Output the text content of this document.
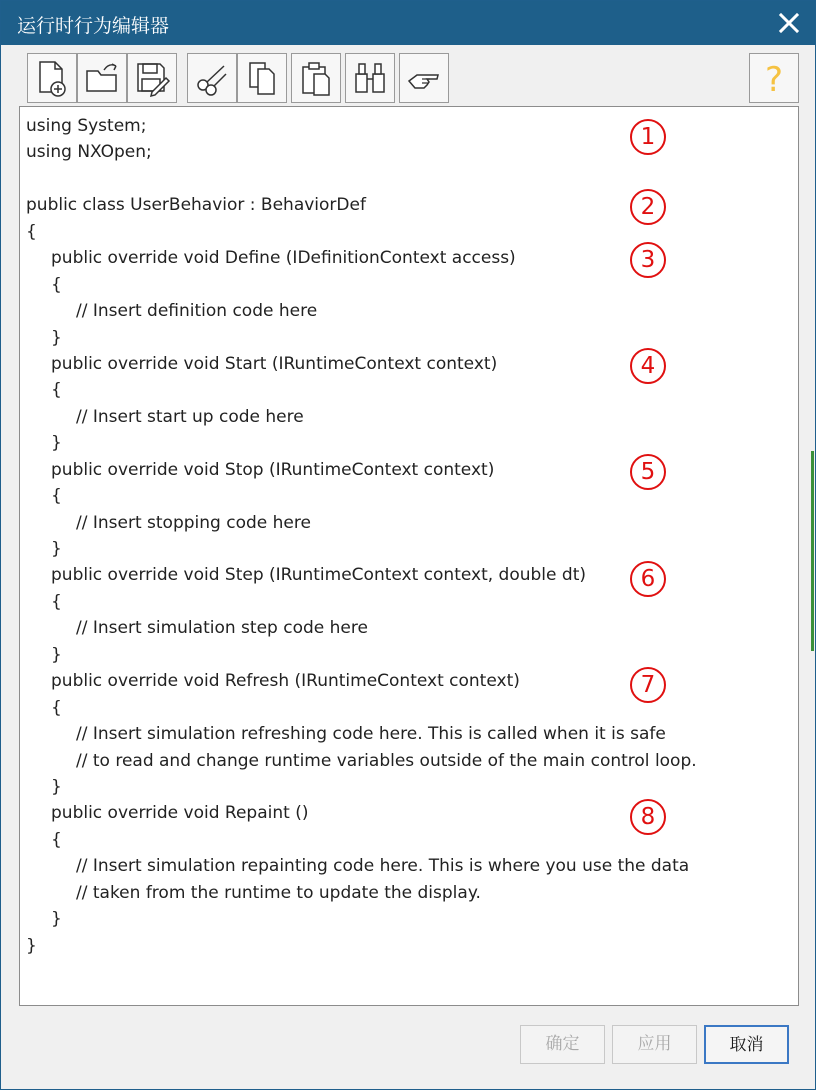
运行时行为编辑器
?
using System;
using NXOpen;
public class UserBehavior : BehaviorDef
{
public override void Define (IDefinitionContext access)
{
// Insert definition code here
}
public override void Start (IRuntimeContext context)
{
// Insert start up code here
}
public override void Stop (IRuntimeContext context)
{
// Insert stopping code here
}
public override void Step (IRuntimeContext context, double dt)
{
// Insert simulation step code here
}
public override void Refresh (IRuntimeContext context)
{
// Insert simulation refreshing code here. This is called when it is safe
// to read and change runtime variables outside of the main control loop.
}
public override void Repaint ()
{
// Insert simulation repainting code here. This is where you use the data
// taken from the runtime to update the display.
}
}
1
2
3
4
5
6
7
8
确定	应用	取消
